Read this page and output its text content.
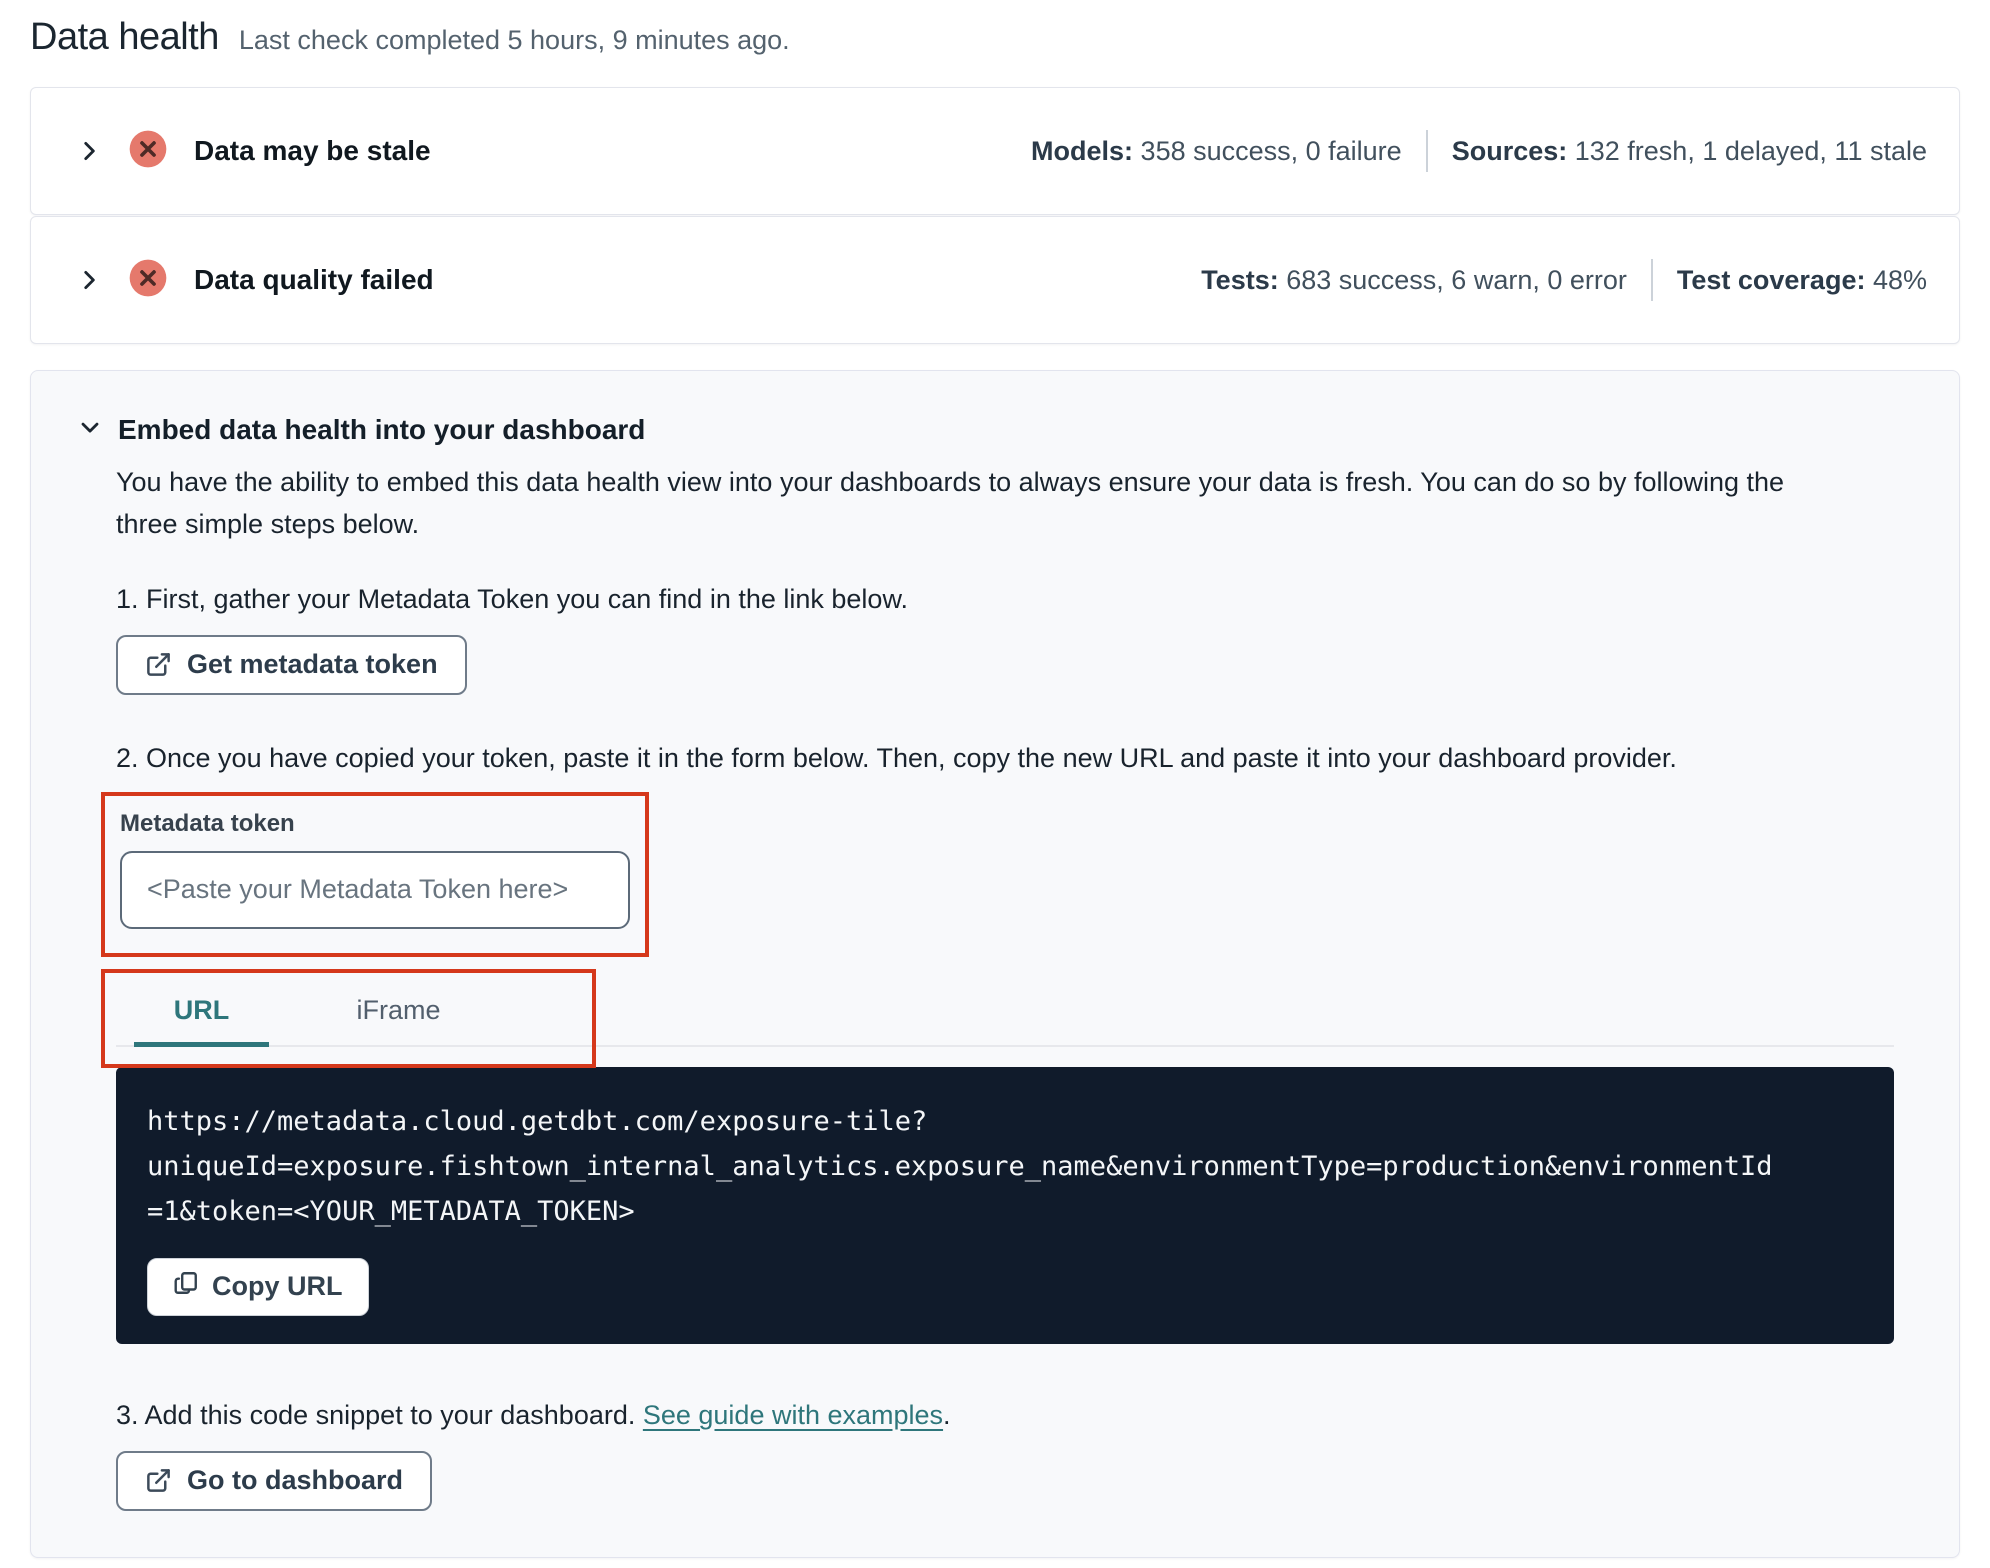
Data health Last check completed 5 hours, 9 minutes ago.
Data may be stale	Models: 358 success, 0 failure Sources: 132 fresh, 1 delayed, 11 stale
Data quality failed	Tests: 683 success, 6 warn, 0 error Test coverage: 48%
Embed data health into your dashboard

You have the ability to embed this data health view into your dashboards to always ensure your data is fresh. You can do so by following the three simple steps below.

1. First, gather your Metadata Token you can find in the link below.

Get metadata token

2. Once you have copied your token, paste it in the form below. Then, copy the new URL and paste it into your dashboard provider.

Metadata token
<Paste your Metadata Token here>
URL	iFrame
https://metadata.cloud.getdbt.com/exposure-tile?uniqueId=exposure.fishtown_internal_analytics.exposure_name&environmentType=production&environmentId=1&token=<YOUR_METADATA_TOKEN>
Copy URL

3. Add this code snippet to your dashboard. See guide with examples.

Go to dashboard
